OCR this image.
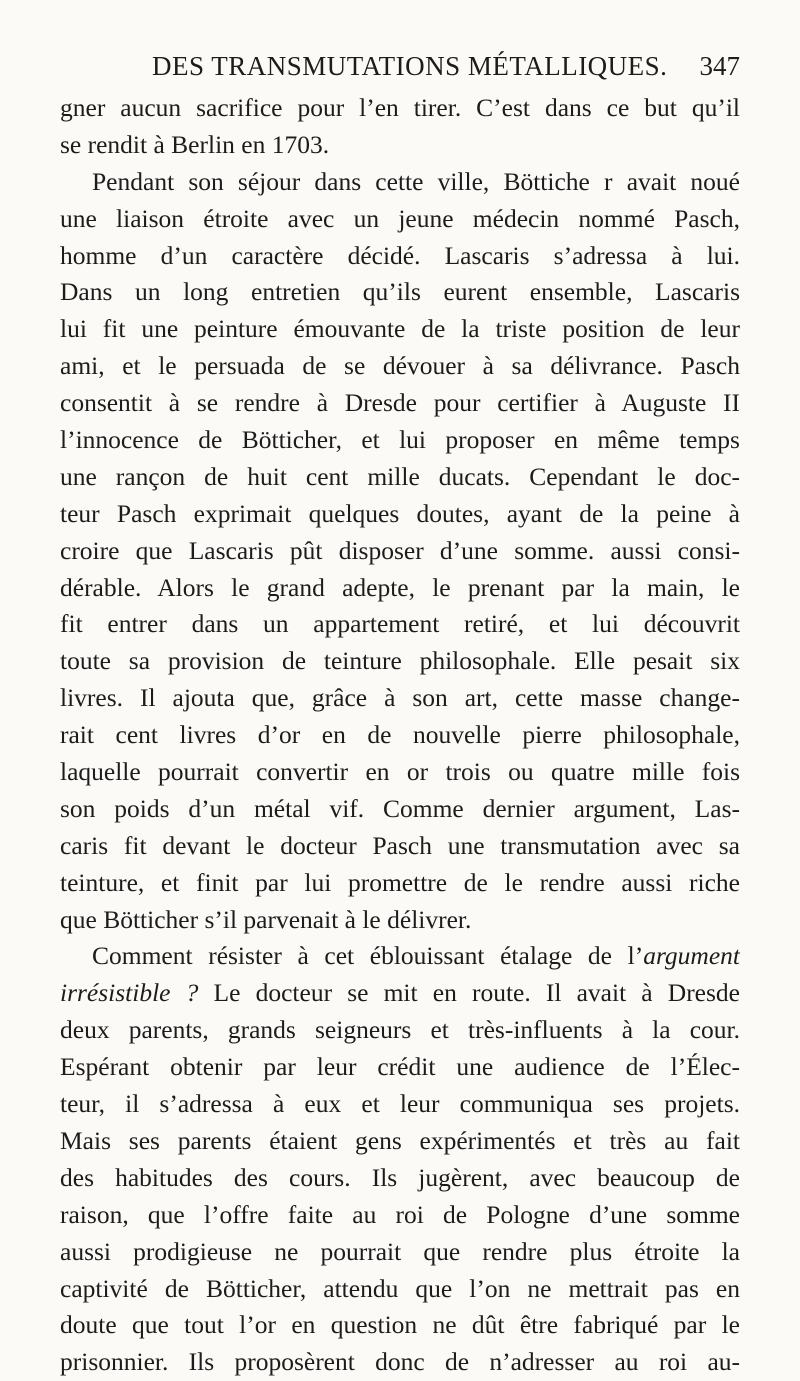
DES TRANSMUTATIONS MÉTALLIQUES. 347
gner aucun sacrifice pour l’en tirer. C’est dans ce but qu’il
se rendit à Berlin en 1703.
Pendant son séjour dans cette ville, Böttiche r avait noué
une liaison étroite avec un jeune médecin nommé Pasch,
homme d’un caractère décidé. Lascaris s’adressa à lui.
Dans un long entretien qu’ils eurent ensemble, Lascaris
lui fit une peinture émouvante de la triste position de leur
ami, et le persuada de se dévouer à sa délivrance. Pasch
consentit à se rendre à Dresde pour certifier à Auguste II
l’innocence de Bötticher, et lui proposer en même temps
une rançon de huit cent mille ducats. Cependant le doc-
teur Pasch exprimait quelques doutes, ayant de la peine à
croire que Lascaris pût disposer d’une somme. aussi consi-
dérable. Alors le grand adepte, le prenant par la main, le
fit entrer dans un appartement retiré, et lui découvrit
toute sa provision de teinture philosophale. Elle pesait six
livres. Il ajouta que, grâce à son art, cette masse change-
rait cent livres d’or en de nouvelle pierre philosophale,
laquelle pourrait convertir en or trois ou quatre mille fois
son poids d’un métal vif. Comme dernier argument, Las-
caris fit devant le docteur Pasch une transmutation avec sa
teinture, et finit par lui promettre de le rendre aussi riche
que Bötticher s’il parvenait à le délivrer.
Comment résister à cet éblouissant étalage de l’argument
irrésistible ? Le docteur se mit en route. Il avait à Dresde
deux parents, grands seigneurs et très-influents à la cour.
Espérant obtenir par leur crédit une audience de l’Élec-
teur, il s’adressa à eux et leur communiqua ses projets.
Mais ses parents étaient gens expérimentés et très au fait
des habitudes des cours. Ils jugèrent, avec beaucoup de
raison, que l’offre faite au roi de Pologne d’une somme
aussi prodigieuse ne pourrait que rendre plus étroite la
captivité de Bötticher, attendu que l’on ne mettrait pas en
doute que tout l’or en question ne dût être fabriqué par le
prisonnier. Ils proposèrent donc de n’adresser au roi au-
